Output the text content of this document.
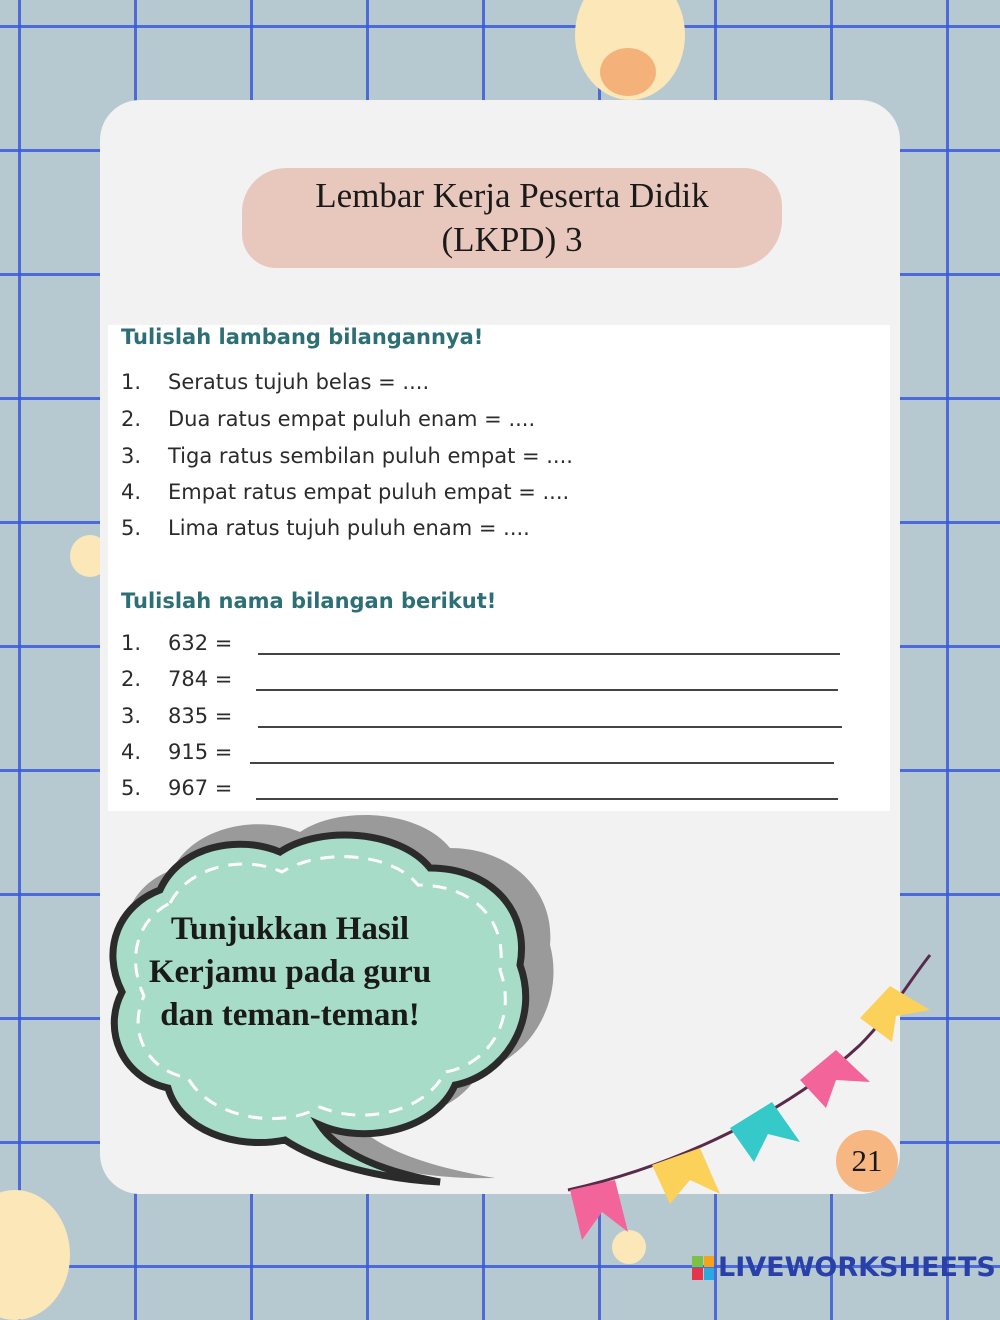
Lembar Kerja Peserta Didik
(LKPD) 3
Tulislah lambang bilangannya!
1. Seratus tujuh belas = ....
2. Dua ratus empat puluh enam = ....
3. Tiga ratus sembilan puluh empat = ....
4. Empat ratus empat puluh empat = ....
5. Lima ratus tujuh puluh enam = ....
Tulislah nama bilangan berikut!
1. 632 =
2. 784 =
3. 835 =
4. 915 =
5. 967 =
Tunjukkan Hasil
Kerjamu pada guru
dan teman-teman!
21
LIVEWORKSHEETS
